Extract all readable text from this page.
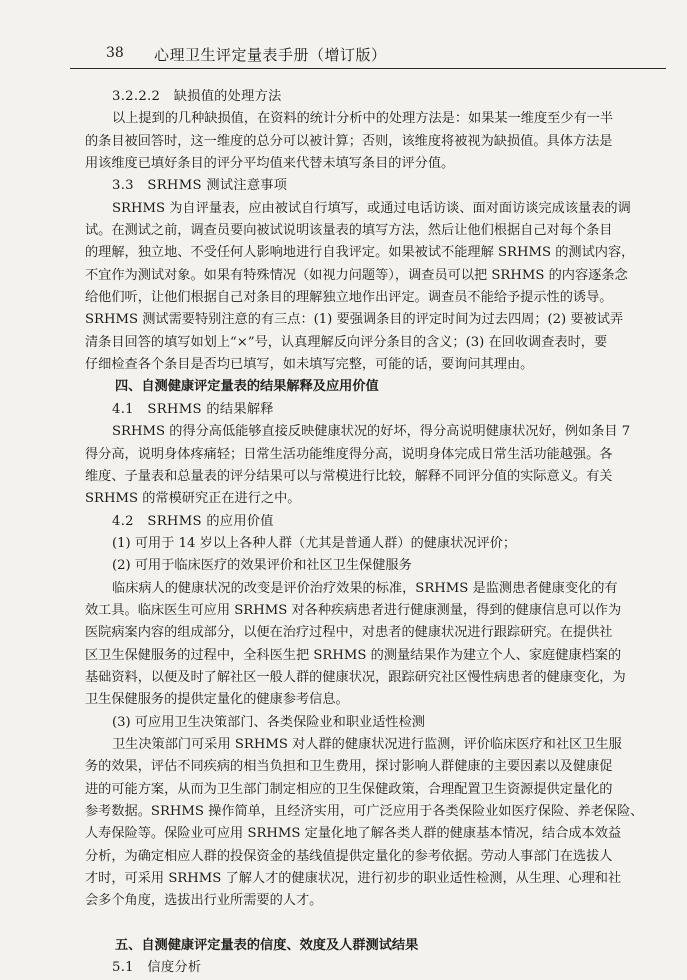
38 心理卫生评定量表手册（增订版）
3.2.2.2　缺损值的处理方法
以上提到的几种缺损值，在资料的统计分析中的处理方法是：如果某一维度至少有一半
的条目被回答时，这一维度的总分可以被计算；否则，该维度将被视为缺损值。具体方法是
用该维度已填好条目的评分平均值来代替未填写条目的评分值。
3.3　SRHMS 测试注意事项
SRHMS 为自评量表，应由被试自行填写，或通过电话访谈、面对面访谈完成该量表的调
试。在测试之前，调查员要向被试说明该量表的填写方法，然后让他们根据自己对每个条目
的理解，独立地、不受任何人影响地进行自我评定。如果被试不能理解 SRHMS 的测试内容，
不宜作为测试对象。如果有特殊情况（如视力问题等），调查员可以把 SRHMS 的内容逐条念
给他们听，让他们根据自己对条目的理解独立地作出评定。调查员不能给予提示性的诱导。
SRHMS 测试需要特别注意的有三点：(1) 要强调条目的评定时间为过去四周；(2) 要被试弄
清条目回答的填写如划上“×”号，认真理解反向评分条目的含义；(3) 在回收调查表时，要
仔细检查各个条目是否均已填写，如未填写完整，可能的话，要询问其理由。
四、自测健康评定量表的结果解释及应用价值
4.1　SRHMS 的结果解释
SRHMS 的得分高低能够直接反映健康状况的好坏，得分高说明健康状况好，例如条目 7
得分高，说明身体疼痛轻；日常生活功能维度得分高，说明身体完成日常生活功能越强。各
维度、子量表和总量表的评分结果可以与常模进行比较，解释不同评分值的实际意义。有关
SRHMS 的常模研究正在进行之中。
4.2　SRHMS 的应用价值
(1) 可用于 14 岁以上各种人群（尤其是普通人群）的健康状况评价；
(2) 可用于临床医疗的效果评价和社区卫生保健服务
临床病人的健康状况的改变是评价治疗效果的标准，SRHMS 是监测患者健康变化的有
效工具。临床医生可应用 SRHMS 对各种疾病患者进行健康测量，得到的健康信息可以作为
医院病案内容的组成部分，以便在治疗过程中，对患者的健康状况进行跟踪研究。在提供社
区卫生保健服务的过程中，全科医生把 SRHMS 的测量结果作为建立个人、家庭健康档案的
基础资料，以便及时了解社区一般人群的健康状况，跟踪研究社区慢性病患者的健康变化，为
卫生保健服务的提供定量化的健康参考信息。
(3) 可应用卫生决策部门、各类保险业和职业适性检测
卫生决策部门可采用 SRHMS 对人群的健康状况进行监测，评价临床医疗和社区卫生服
务的效果，评估不同疾病的相当负担和卫生费用，探讨影响人群健康的主要因素以及健康促
进的可能方案，从而为卫生部门制定相应的卫生保健政策，合理配置卫生资源提供定量化的
参考数据。SRHMS 操作简单，且经济实用，可广泛应用于各类保险业如医疗保险、养老保险、
人寿保险等。保险业可应用 SRHMS 定量化地了解各类人群的健康基本情况，结合成本效益
分析，为确定相应人群的投保资金的基线值提供定量化的参考依据。劳动人事部门在选拔人
才时，可采用 SRHMS 了解人才的健康状况，进行初步的职业适性检测，从生理、心理和社
会多个角度，选拔出行业所需要的人才。
五、自测健康评定量表的信度、效度及人群测试结果
5.1　信度分析
